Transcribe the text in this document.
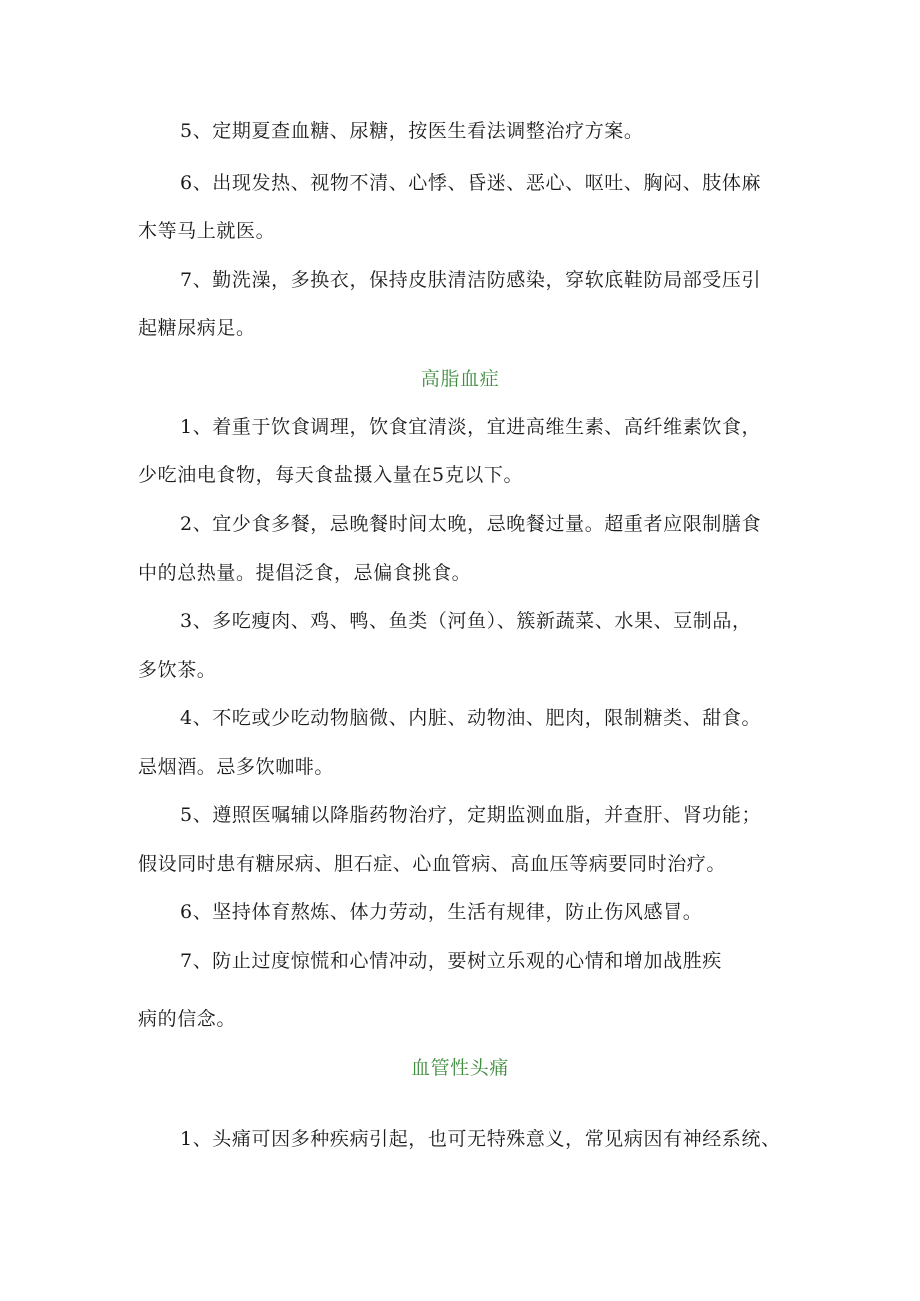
5、定期夏查血糖、尿糖，按医生看法调整治疗方案。
6、出现发热、视物不清、心悸、昏迷、恶心、呕吐、胸闷、肢体麻
木等马上就医。
7、勤洗澡，多换衣，保持皮肤清洁防感染，穿软底鞋防局部受压引
起糖尿病足。
高脂血症
1、着重于饮食调理，饮食宜清淡，宜进高维生素、高纤维素饮食，
少吃油电食物，每天食盐摄入量在5克以下。
2、宜少食多餐，忌晚餐时间太晚，忌晚餐过量。超重者应限制膳食
中的总热量。提倡泛食，忌偏食挑食。
3、多吃瘦肉、鸡、鸭、鱼类（河鱼）、簇新蔬菜、水果、豆制品，
多饮茶。
4、不吃或少吃动物脑微、内脏、动物油、肥肉，限制糖类、甜食。
忌烟酒。忌多饮咖啡。
5、遵照医嘱辅以降脂药物治疗，定期监测血脂，并查肝、肾功能；
假设同时患有糖尿病、胆石症、心血管病、高血压等病要同时治疗。
6、坚持体育熬炼、体力劳动，生活有规律，防止伤风感冒。
7、防止过度惊慌和心情冲动，要树立乐观的心情和增加战胜疾
病的信念。
血管性头痛
1、头痛可因多种疾病引起，也可无特殊意义，常见病因有神经系统、
